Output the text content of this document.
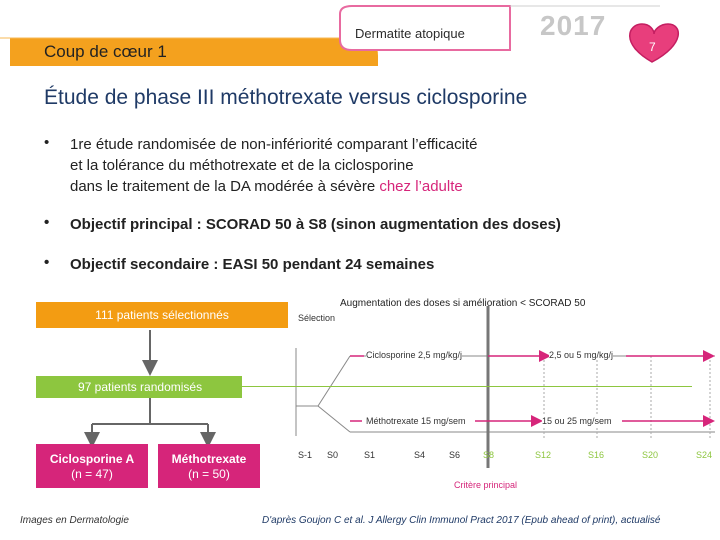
Dermatite atopique	2017
Coup de cœur 1	7
Étude de phase III méthotrexate versus ciclosporine
• 1re étude randomisée de non-infériorité comparant l’efficacité
et la tolérance du méthotrexate et de la ciclosporine
dans le traitement de la DA modérée à sévère chez l’adulte
• Objectif principal : SCORAD 50 à S8 (sinon augmentation des doses)
• Objectif secondaire : EASI 50 pendant 24 semaines
111 patients sélectionnés
97 patients randomisés
Ciclosporine A
(n = 47)
Méthotrexate
(n = 50)
Augmentation des doses si amélioration < SCORAD 50
Sélection
Ciclosporine 2,5 mg/kg/j	2,5 ou 5 mg/kg/j
Méthotrexate 15 mg/sem	15 ou 25 mg/sem
S-1 S0	S1	S4	S6	S8	S12	S16	S20	S24
Critère principal
Images en Dermatologie	D'après Goujon C et al. J Allergy Clin Immunol Pract 2017 (Epub ahead of print), actualisé
